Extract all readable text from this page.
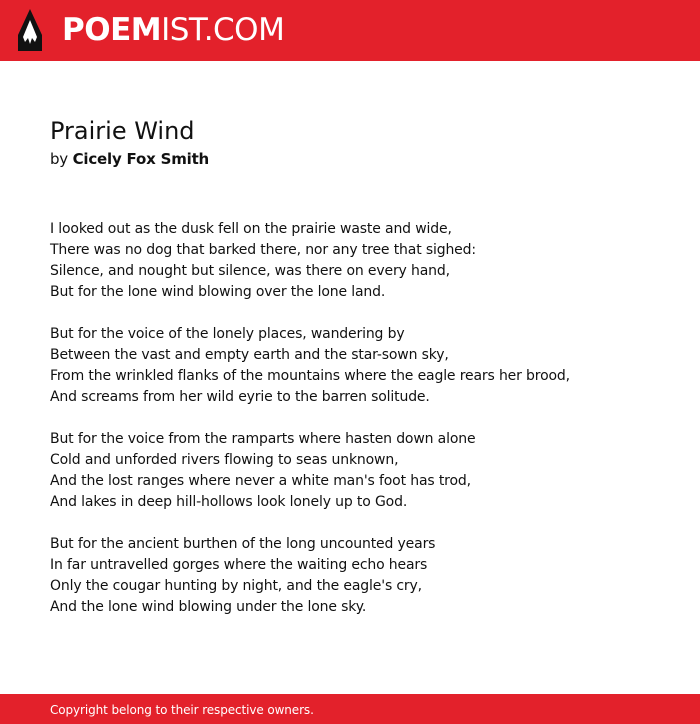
POEMIST.COM
Prairie Wind
by Cicely Fox Smith
I looked out as the dusk fell on the prairie waste and wide,
There was no dog that barked there, nor any tree that sighed:
Silence, and nought but silence, was there on every hand,
But for the lone wind blowing over the lone land.
But for the voice of the lonely places, wandering by
Between the vast and empty earth and the star-sown sky,
From the wrinkled flanks of the mountains where the eagle rears her brood,
And screams from her wild eyrie to the barren solitude.
But for the voice from the ramparts where hasten down alone
Cold and unforded rivers flowing to seas unknown,
And the lost ranges where never a white man's foot has trod,
And lakes in deep hill-hollows look lonely up to God.
But for the ancient burthen of the long uncounted years
In far untravelled gorges where the waiting echo hears
Only the cougar hunting by night, and the eagle's cry,
And the lone wind blowing under the lone sky.
Copyright belong to their respective owners.
